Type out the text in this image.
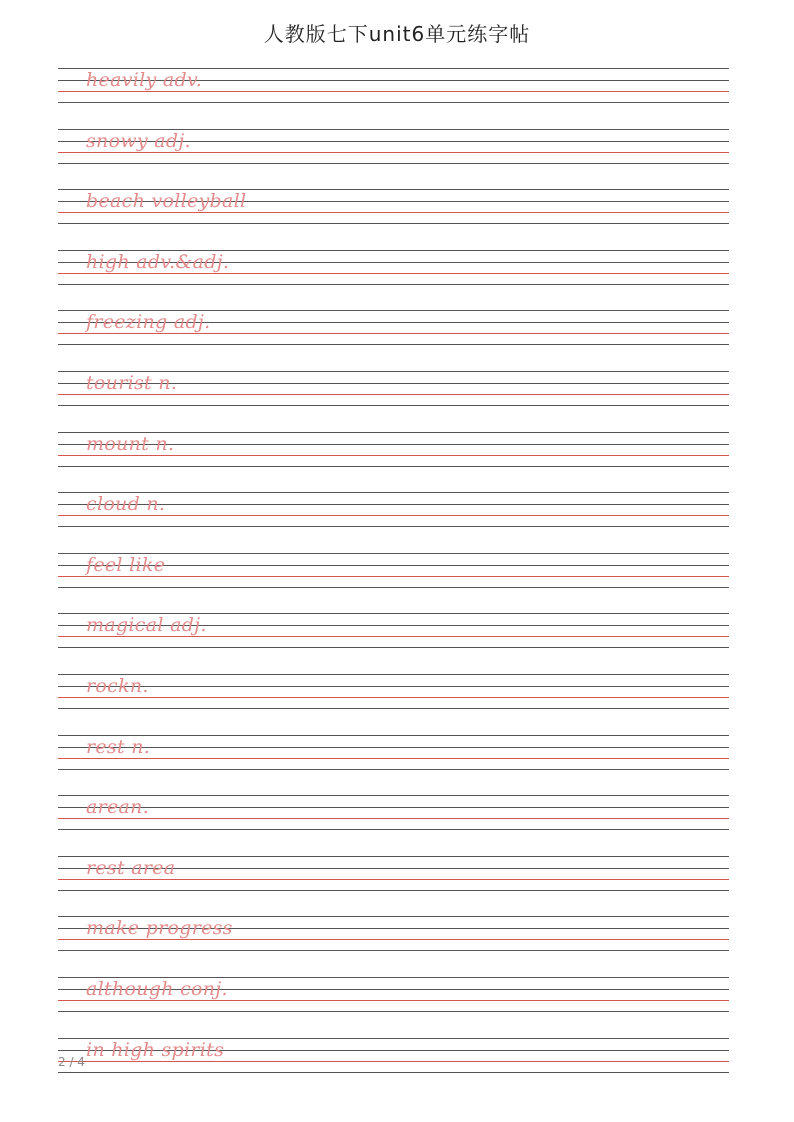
人教版七下unit6单元练字帖
heavily adv.
snowy adj.
beach volleyball
high adv.&adj.
freezing adj.
tourist n.
mount n.
cloud n.
feel like
magical adj.
rockn.
rest n.
arean.
rest area
make progress
although conj.
in high spirits
2 / 4
